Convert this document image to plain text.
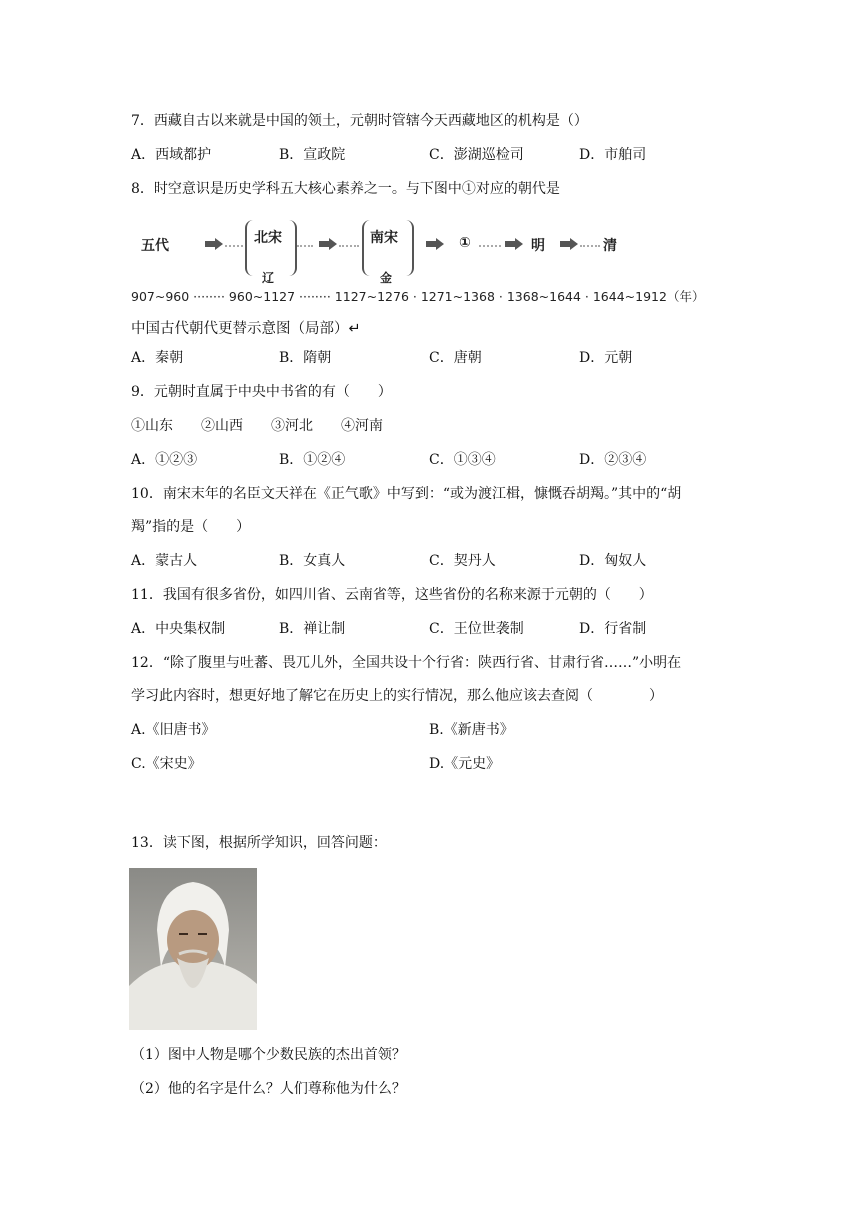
7．西藏自古以来就是中国的领土，元朝时管辖今天西藏地区的机构是（）
A．西域都护	B．宣政院	C．澎湖巡检司	D．市舶司
8．时空意识是历史学科五大核心素养之一。与下图中①对应的朝代是
五代	北宋
辽
南宋
金
①	明	清
907~960 ········ 960~1127 ········ 1127~1276 · 1271~1368 · 1368~1644 · 1644~1912（年）
中国古代朝代更替示意图（局部）↵
A．秦朝	B．隋朝	C．唐朝	D．元朝
9．元朝时直属于中央中书省的有（　　）
①山东　　②山西　　③河北　　④河南
A．①②③	B．①②④	C．①③④	D．②③④
10．南宋末年的名臣文天祥在《正气歌》中写到：“或为渡江楫，慷慨吞胡羯。”其中的“胡
羯”指的是（　　）
A．蒙古人	B．女真人	C．契丹人	D．匈奴人
11．我国有很多省份，如四川省、云南省等，这些省份的名称来源于元朝的（　　）
A．中央集权制	B．禅让制	C．王位世袭制	D．行省制
12．“除了腹里与吐蕃、畏兀儿外，全国共设十个行省：陕西行省、甘肃行省……”小明在
学习此内容时，想更好地了解它在历史上的实行情况，那么他应该去查阅（　　　　）
A.《旧唐书》	B.《新唐书》
C.《宋史》	D.《元史》
13．读下图，根据所学知识，回答问题：
（1）图中人物是哪个少数民族的杰出首领？
（2）他的名字是什么？人们尊称他为什么？
